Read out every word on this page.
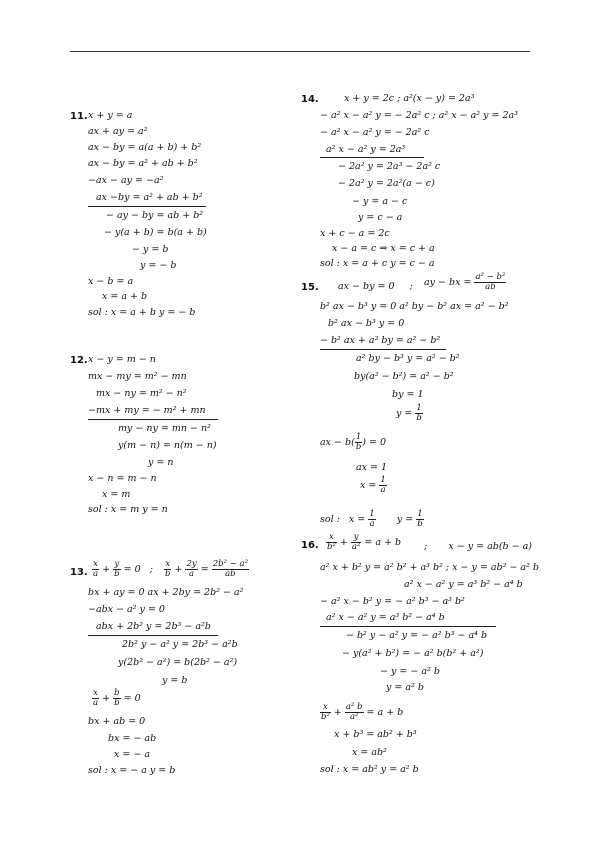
11. x + y = a
ax + ay = a²
ax − by = a(a + b) + b²
ax − by = a² + ab + b²
−ax − ay = −a²
ax −by = a² + ab + b²
− ay − by = ab + b²
− y(a + b) = b(a + b)
− y = b
y = − b
x − b = a
x = a + b
sol : x = a + b y = − b
12. x − y = m − n
mx − my = m² − mn
mx − ny = m² − n²
−mx + my = − m² + mn
my − ny = mn − n²
y(m − n) = n(m − n)
y = n
x − n = m − n
x = m
sol : x = m y = n
13. $\frac{x}{a} + \frac{y}{b} = 0$ ; $\frac{x}{b} + \frac{2y}{a} = \frac{\text{2b² − a²}}{ab}$
bx + ay = 0 ax + 2by = 2b² − a²
−abx − a² y = 0
abx + 2b² y = 2b³ − a²b
2b² y − a² y = 2b³ − a²b
y(2b² − a²) = b(2b² − a²)
y = b
$\frac{x}{a} + \frac{b}{b} = 0$
bx + ab = 0
bx = − ab
x = − a
sol : x = − a y = b
14.	x + y = 2c ; a²(x − y) = 2a³
− a² x − a² y = − 2a² c ; a² x − a² y = 2a³
− a² x − a² y = − 2a² c
a² x − a² y = 2a³
− 2a² y = 2a³ − 2a² c
− 2a² y = 2a²(a − c)
− y = a − c
y = c − a
x + c − a = 2c
x − a = c ⇒ x = c + a
sol : x = a + c y = c − a
15. ax − by = 0 ; ay − bx = $\frac{\text{a² − b²}}{ab}$
b² ax − b³ y = 0 a² by − b² ax = a² − b²
b² ax − b³ y = 0
− b² ax + a² by = a² − b²
a² by − b³ y = a² − b²
by(a² − b²) = a² − b²
by = 1
$y = \frac{1}{b}$
ax − $b( \frac{1}{b}$ ) = 0
ax = 1
$x = \frac{1}{a}$
sol : $x = \frac{1}{a}$ $y = \frac{1}{b}$
16. $\frac{x}{\text{b²}} + \frac{y}{\text{a²}} = a + b$ ; x − y = ab(b − a)
a² x + b² y = a² b² + a³ b² ; x − y = ab² − a² b
a² x − a² y = a³ b² − a⁴ b
− a² x − b² y = − a² b³ − a³ b²
a² x − a² y = a³ b² − a⁴ b
− b² y − a² y = − a² b³ − a⁴ b
− y(a² + b²) = − a² b(b² + a²)
− y = − a² b
y = a² b
$\frac{x}{\text{b²}} + \frac{\text{a² b}}{\text{a²}} = a + b$
x + b³ = ab² + b³
x = ab²
sol : x = ab² y = a² b
